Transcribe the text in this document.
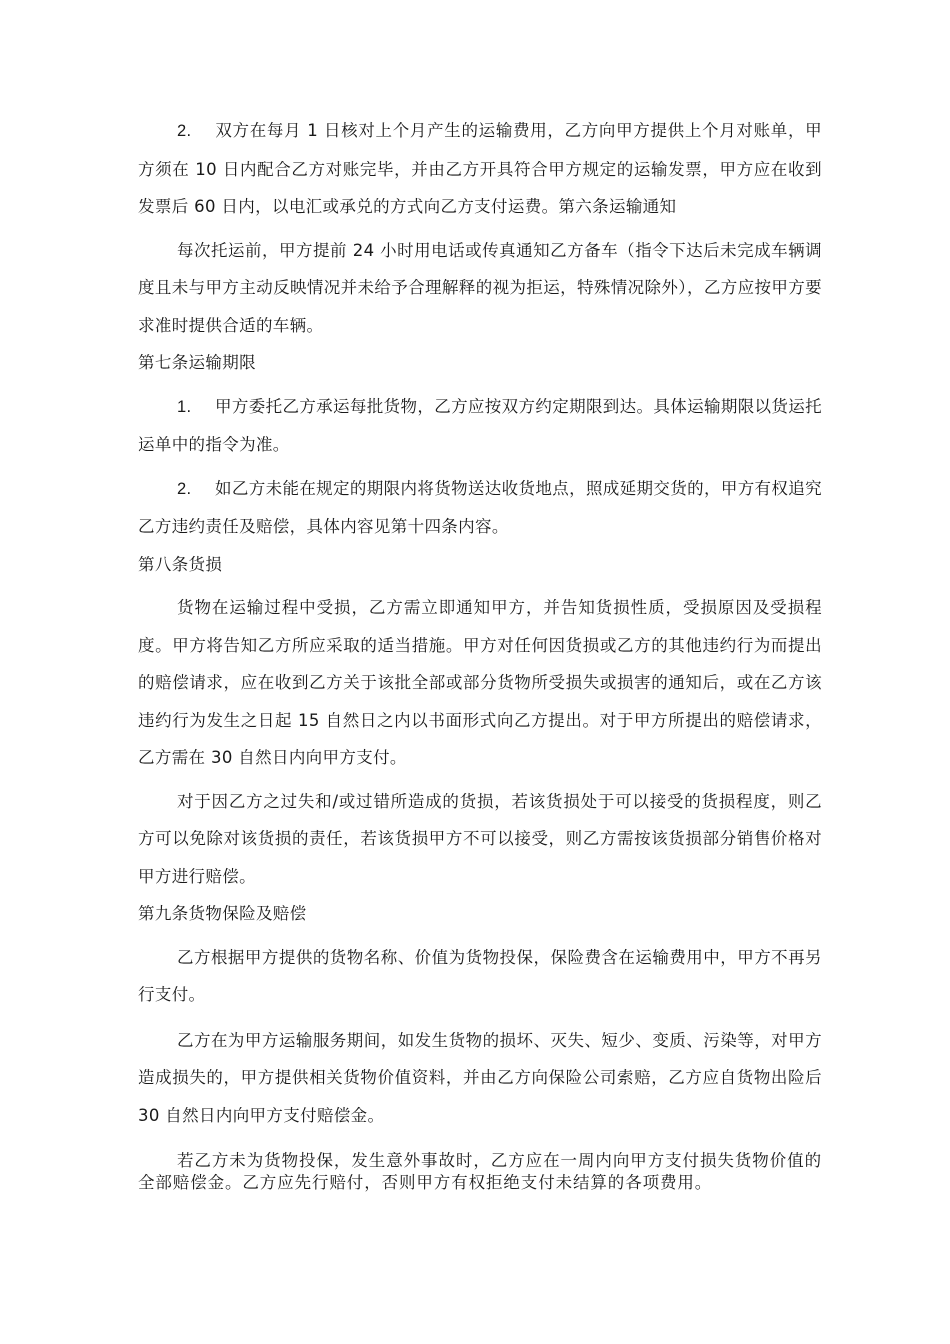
2. 双方在每月 1 日核对上个月产生的运输费用，乙方向甲方提供上个月对账单，甲方须在 10 日内配合乙方对账完毕，并由乙方开具符合甲方规定的运输发票，甲方应在收到发票后 60 日内，以电汇或承兑的方式向乙方支付运费。第六条运输通知

每次托运前，甲方提前 24 小时用电话或传真通知乙方备车（指令下达后未完成车辆调度且未与甲方主动反映情况并未给予合理解释的视为拒运，特殊情况除外），乙方应按甲方要求准时提供合适的车辆。

第七条运输期限

1. 甲方委托乙方承运每批货物，乙方应按双方约定期限到达。具体运输期限以货运托运单中的指令为准。

2. 如乙方未能在规定的期限内将货物送达收货地点，照成延期交货的，甲方有权追究乙方违约责任及赔偿，具体内容见第十四条内容。

第八条货损

货物在运输过程中受损，乙方需立即通知甲方，并告知货损性质，受损原因及受损程度。甲方将告知乙方所应采取的适当措施。甲方对任何因货损或乙方的其他违约行为而提出的赔偿请求，应在收到乙方关于该批全部或部分货物所受损失或损害的通知后，或在乙方该违约行为发生之日起 15 自然日之内以书面形式向乙方提出。对于甲方所提出的赔偿请求，乙方需在 30 自然日内向甲方支付。

对于因乙方之过失和/或过错所造成的货损，若该货损处于可以接受的货损程度，则乙方可以免除对该货损的责任，若该货损甲方不可以接受，则乙方需按该货损部分销售价格对甲方进行赔偿。

第九条货物保险及赔偿

乙方根据甲方提供的货物名称、价值为货物投保，保险费含在运输费用中，甲方不再另行支付。

乙方在为甲方运输服务期间，如发生货物的损坏、灭失、短少、变质、污染等，对甲方造成损失的，甲方提供相关货物价值资料，并由乙方向保险公司索赔，乙方应自货物出险后 30 自然日内向甲方支付赔偿金。

若乙方未为货物投保，发生意外事故时，乙方应在一周内向甲方支付损失货物价值的全部赔偿金。乙方应先行赔付，否则甲方有权拒绝支付未结算的各项费用。
